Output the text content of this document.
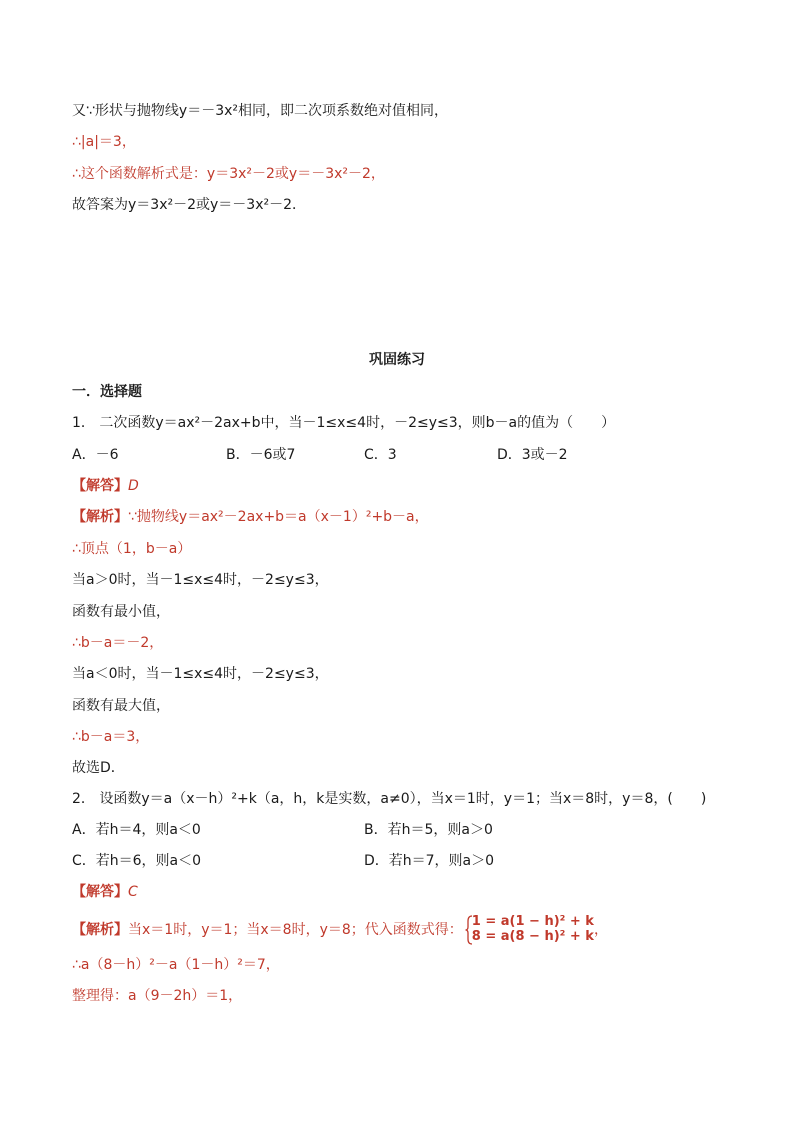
又∵形状与抛物线y＝－3x²相同，即二次项系数绝对值相同，
∴|a|＝3，
∴这个函数解析式是：y＝3x²－2或y＝－3x²－2，
故答案为y＝3x²－2或y＝－3x²－2．
巩固练习
一．选择题
1． 二次函数y＝ax²－2ax+b中，当－1≤x≤4时，－2≤y≤3，则b－a的值为（　　）
A．－6	B．－6或7	C．3	D．3或－2
【解答】D
【解析】∵抛物线y＝ax²－2ax+b＝a（x－1）²+b－a，
∴顶点（1，b－a）
当a＞0时，当－1≤x≤4时，－2≤y≤3，
函数有最小值，
∴b－a＝－2，
当a＜0时，当－1≤x≤4时，－2≤y≤3，
函数有最大值，
∴b－a＝3，
故选D．
2． 设函数y＝a（x－h）²+k（a，h，k是实数，a≠0），当x＝1时，y＝1；当x＝8时，y＝8，(　　)
A．若h＝4，则a＜0	B．若h＝5，则a＞0
C．若h＝6，则a＜0	D．若h＝7，则a＞0
【解答】C
【解析】当x＝1时，y＝1；当x＝8时，y＝8；代入函数式得：
1 = a(1 − h)² + k
8 = a(8 − h)² + k ，
∴a（8－h）²－a（1－h）²＝7，
整理得：a（9－2h）＝1，
